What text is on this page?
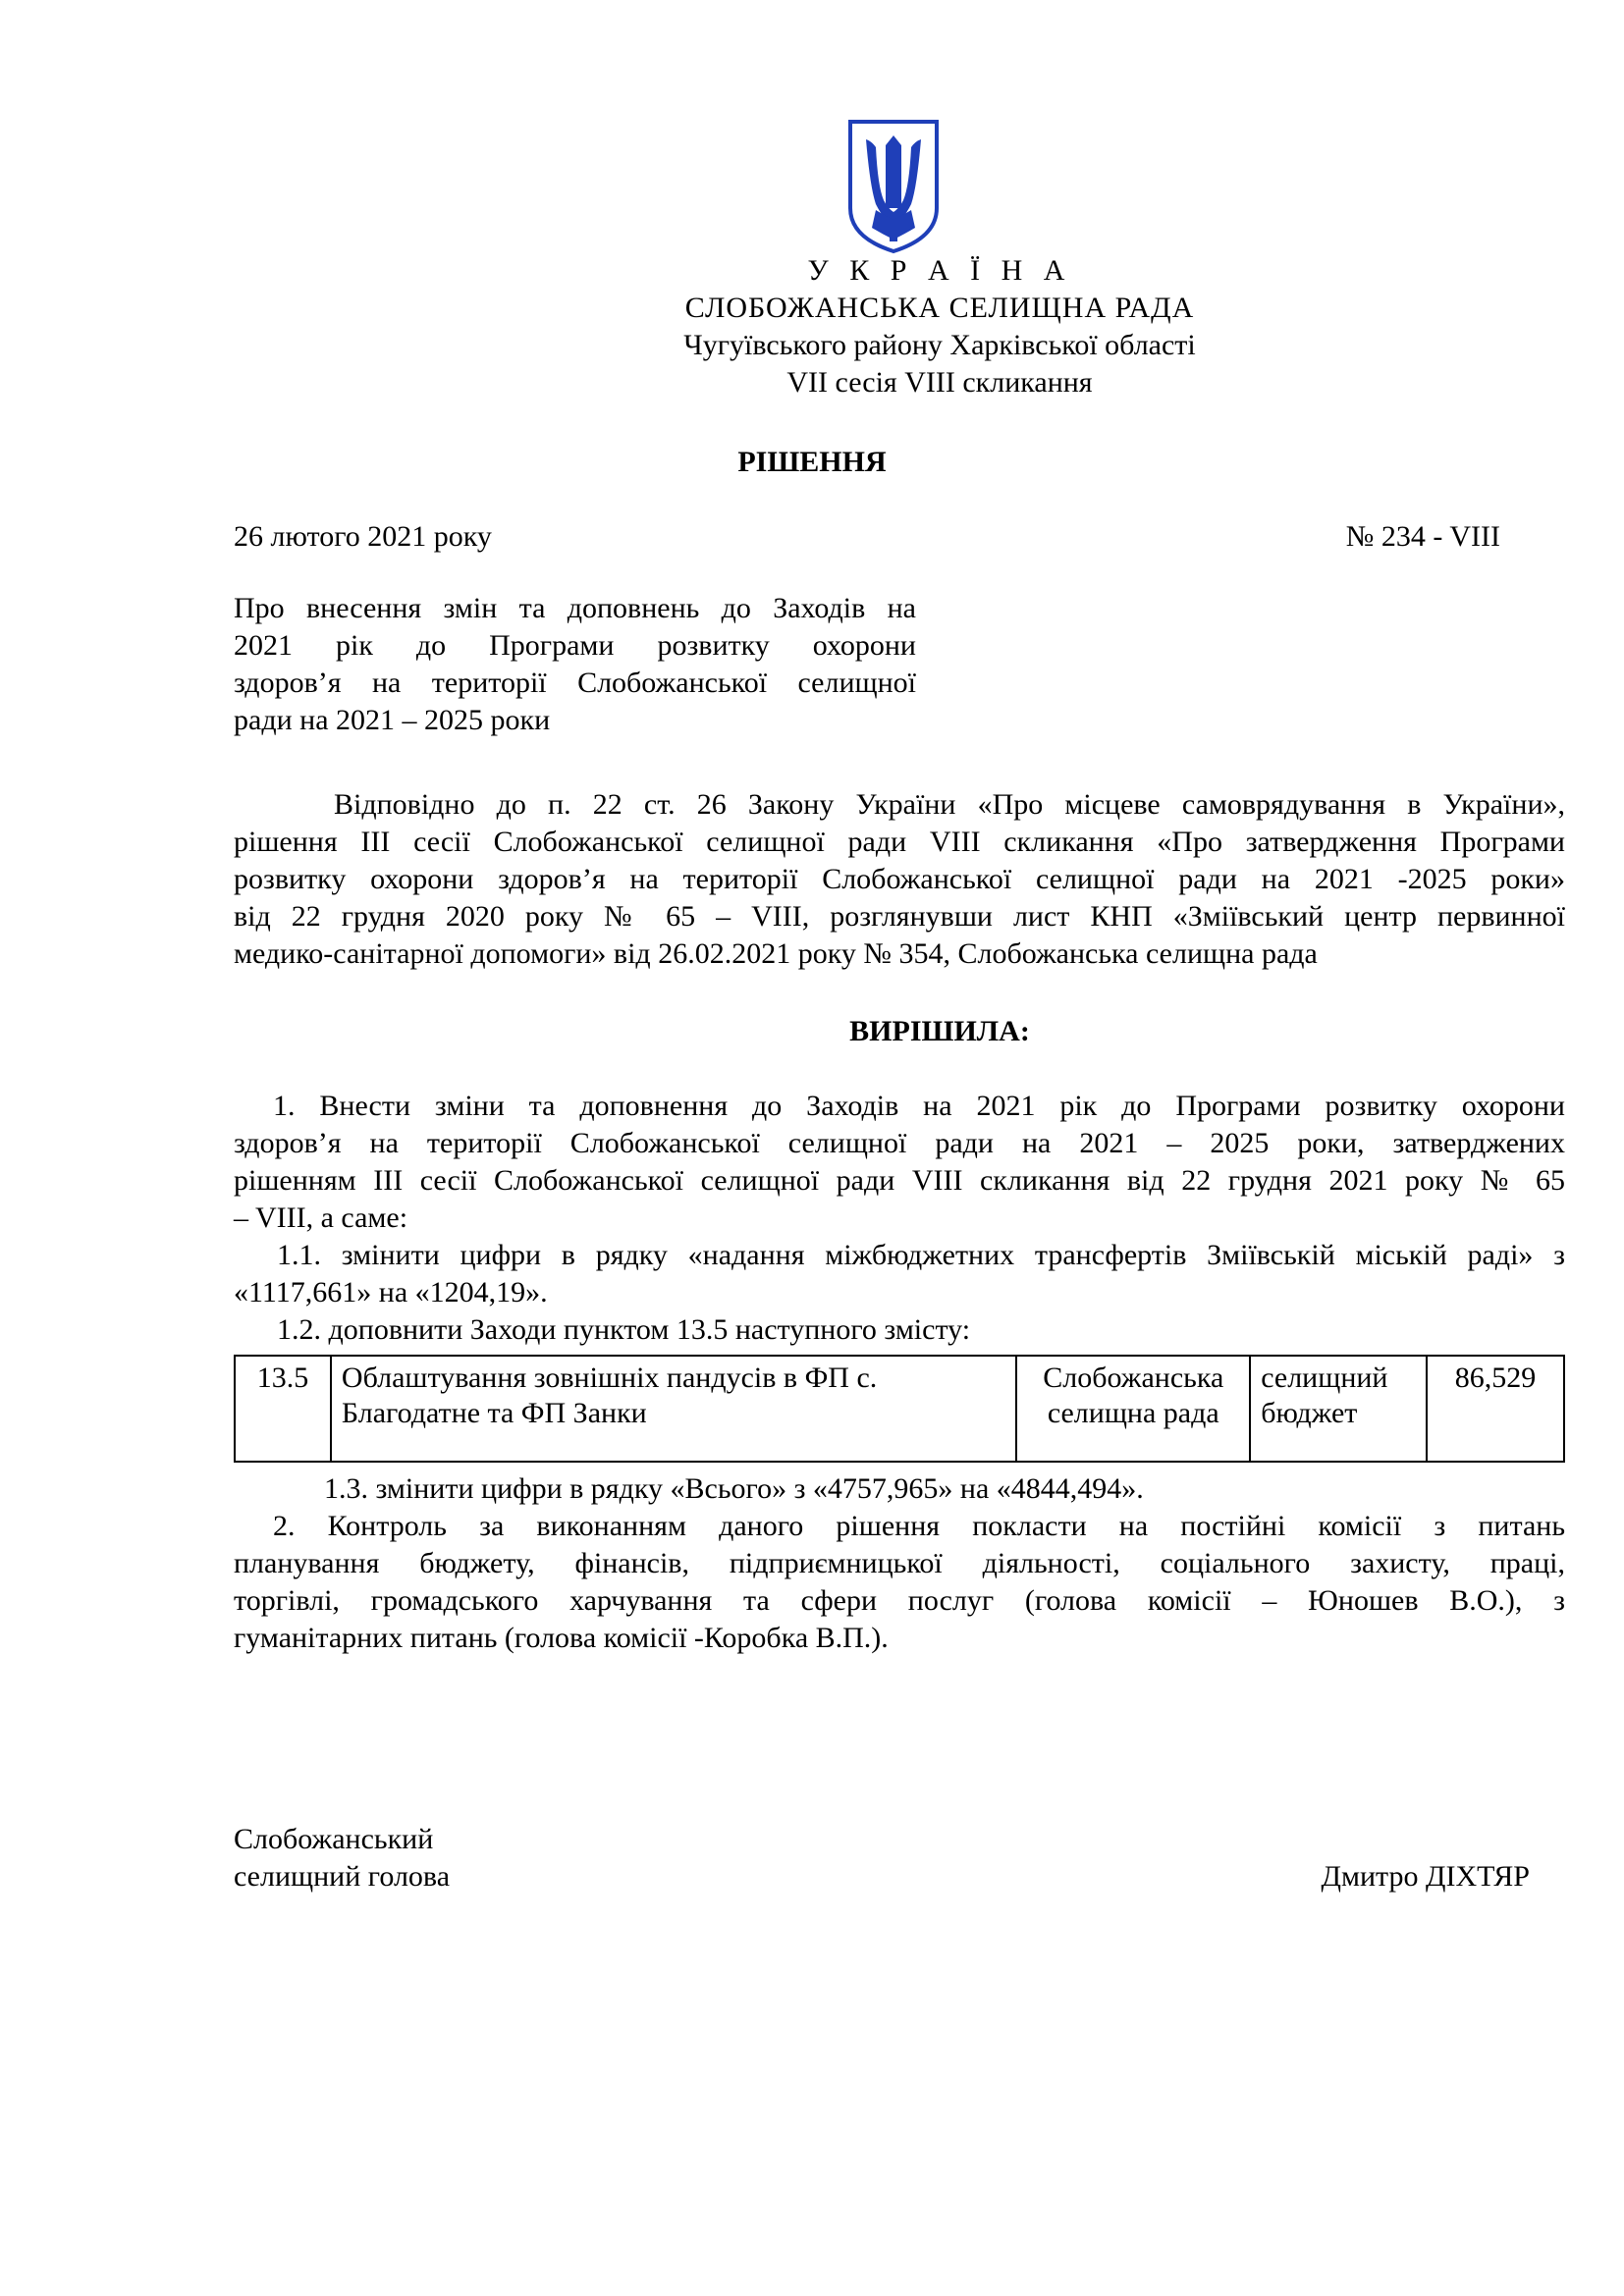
У К Р А Ї Н А
СЛОБОЖАНСЬКА СЕЛИЩНА РАДА
Чугуївського району Харківської області
VII сесія VIII скликання
РІШЕННЯ
26 лютого 2021 року	№ 234 - VIII
Про внесення змін та доповнень до Заходів на
2021 рік до Програми розвитку охорони
здоров’я на території Слобожанської селищної
ради на 2021 – 2025 роки
Відповідно до п. 22 ст. 26 Закону України «Про місцеве самоврядування в України»,
рішення ІІІ сесії Слобожанської селищної ради VIII скликання «Про затвердження Програми
розвитку охорони здоров’я на території Слобожанської селищної ради на 2021 -2025 роки»
від 22 грудня 2020 року № 65 – VIII, розглянувши лист КНП «Зміївський центр первинної
медико-санітарної допомоги» від 26.02.2021 року № 354, Слобожанська селищна рада
ВИРІШИЛА:
1. Внести зміни та доповнення до Заходів на 2021 рік до Програми розвитку охорони
здоров’я на території Слобожанської селищної ради на 2021 – 2025 роки, затверджених
рішенням ІІІ сесії Слобожанської селищної ради VIII скликання від 22 грудня 2021 року № 65
– VIII, а саме:
1.1. змінити цифри в рядку «надання міжбюджетних трансфертів Зміївській міській раді» з
«1117,661» на «1204,19».
1.2. доповнити Заходи пунктом 13.5 наступного змісту:
13.5	Облаштування зовнішніх пандусів в ФП с. Благодатне та ФП Занки	Слобожанська селищна рада	селищний бюджет	86,529
1.3. змінити цифри в рядку «Всього» з «4757,965» на «4844,494».
2. Контроль за виконанням даного рішення покласти на постійні комісії з питань
планування бюджету, фінансів, підприємницької діяльності, соціального захисту, праці,
торгівлі, громадського харчування та сфери послуг (голова комісії – Юношев В.О.), з
гуманітарних питань (голова комісії -Коробка В.П.).
Слобожанський
селищний голова	Дмитро ДІХТЯР
